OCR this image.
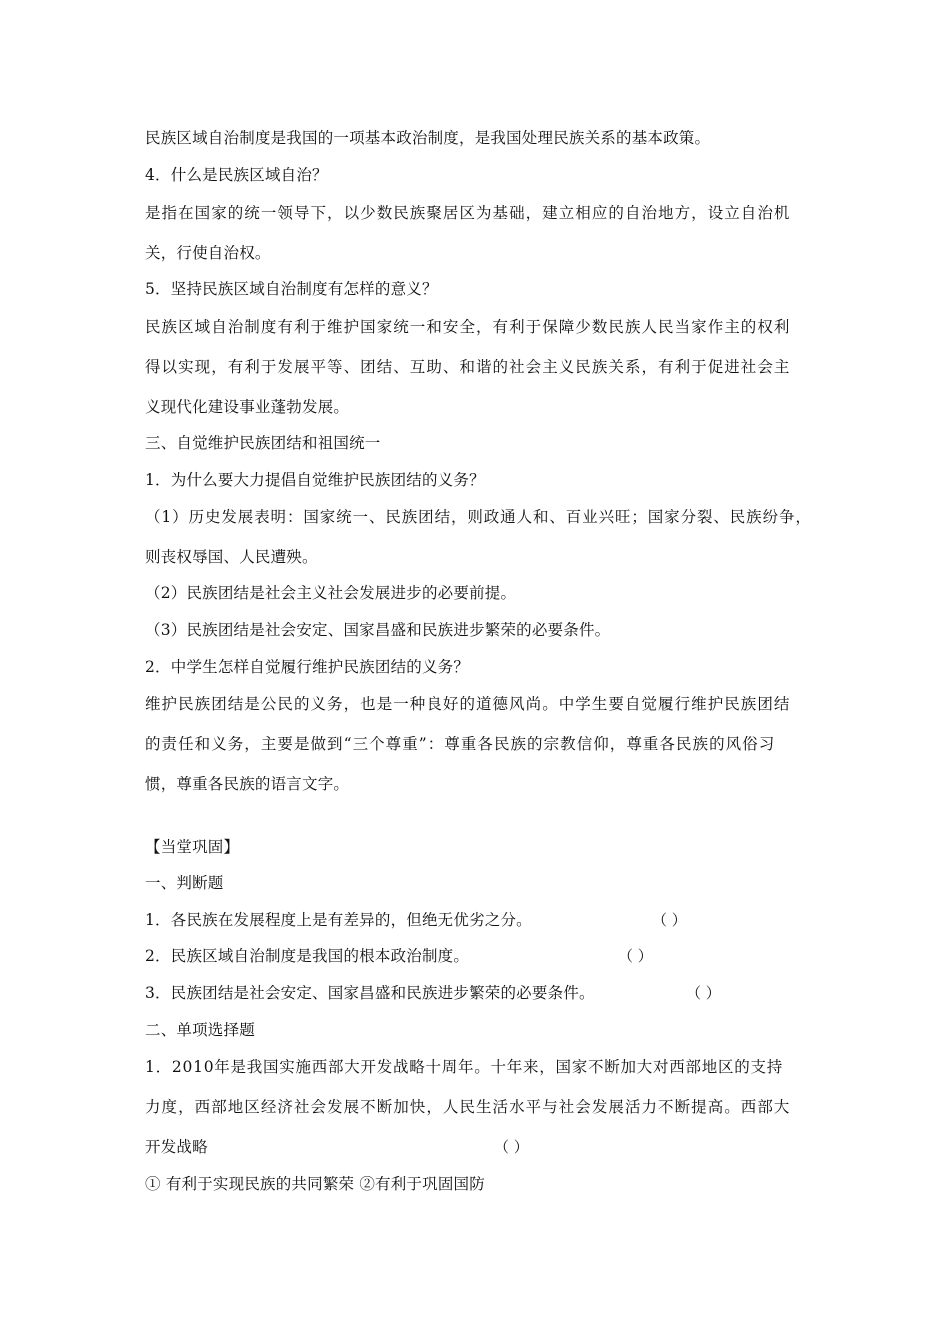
民族区域自治制度是我国的一项基本政治制度，是我国处理民族关系的基本政策。
4．什么是民族区域自治？
是指在国家的统一领导下，以少数民族聚居区为基础，建立相应的自治地方，设立自治机
关，行使自治权。
5．坚持民族区域自治制度有怎样的意义？
民族区域自治制度有利于维护国家统一和安全，有利于保障少数民族人民当家作主的权利
得以实现，有利于发展平等、团结、互助、和谐的社会主义民族关系，有利于促进社会主
义现代化建设事业蓬勃发展。
三、自觉维护民族团结和祖国统一
1．为什么要大力提倡自觉维护民族团结的义务？
（1）历史发展表明：国家统一、民族团结，则政通人和、百业兴旺；国家分裂、民族纷争，
则丧权辱国、人民遭殃。
（2）民族团结是社会主义社会发展进步的必要前提。
（3）民族团结是社会安定、国家昌盛和民族进步繁荣的必要条件。
2．中学生怎样自觉履行维护民族团结的义务？
维护民族团结是公民的义务，也是一种良好的道德风尚。中学生要自觉履行维护民族团结
的责任和义务，主要是做到“三个尊重”：尊重各民族的宗教信仰，尊重各民族的风俗习
惯，尊重各民族的语言文字。
【当堂巩固】
一、判断题
1．各民族在发展程度上是有差异的，但绝无优劣之分。	（ ）
2．民族区域自治制度是我国的根本政治制度。	（ ）
3．民族团结是社会安定、国家昌盛和民族进步繁荣的必要条件。	（ ）
二、单项选择题
1．2010年是我国实施西部大开发战略十周年。十年来，国家不断加大对西部地区的支持
力度，西部地区经济社会发展不断加快，人民生活水平与社会发展活力不断提高。西部大
开发战略	（ ）
① 有利于实现民族的共同繁荣 ②有利于巩固国防
